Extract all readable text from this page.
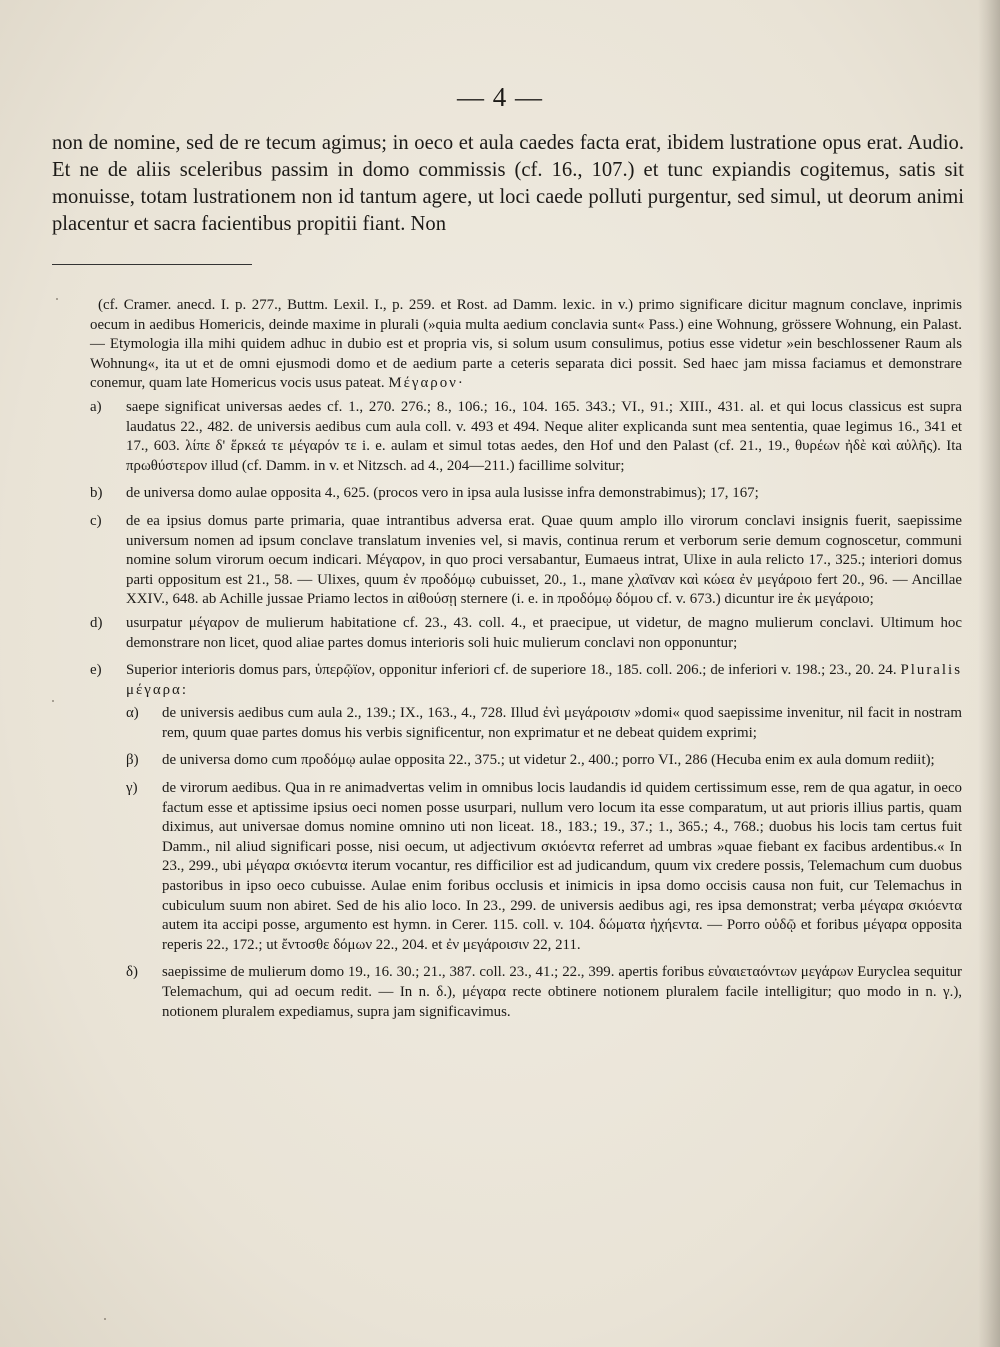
— 4 —

non de nomine, sed de re tecum agimus; in oeco et aula caedes facta erat, ibidem lustratione opus erat. Audio. Et ne de aliis sceleribus passim in domo commissis (cf. 16., 107.) et tunc expiandis cogitemus, satis sit monuisse, totam lustrationem non id tantum agere, ut loci caede polluti purgentur, sed simul, ut deorum animi placentur et sacra facientibus propitii fiant. Non

(cf. Cramer. anecd. I. p. 277., Buttm. Lexil. I., p. 259. et Rost. ad Damm. lexic. in v.) primo significare dicitur magnum conclave, inprimis oecum in aedibus Homericis, deinde maxime in plurali (»quia multa aedium conclavia sunt« Pass.) eine Wohnung, grössere Wohnung, ein Palast. — Etymologia illa mihi quidem adhuc in dubio est et propria vis, si solum usum consulimus, potius esse videtur »ein beschlossener Raum als Wohnung«, ita ut et de omni ejusmodi domo et de aedium parte a ceteris separata dici possit. Sed haec jam missa faciamus et demonstrare conemur, quam late Homericus vocis usus pateat. Μέγαρον·

a)	saepe significat universas aedes cf. 1., 270. 276.; 8., 106.; 16., 104. 165. 343.; VI., 91.; XIII., 431. al. et qui locus classicus est supra laudatus 22., 482. de universis aedibus cum aula coll. v. 493 et 494. Neque aliter explicanda sunt mea sententia, quae legimus 16., 341 et 17., 603. λίπε δ' ἕρκεά τε μέγαρόν τε i. e. aulam et simul totas aedes, den Hof und den Palast (cf. 21., 19., θυρέων ἠδὲ καὶ αὐλῆς). Ita πρωθύστερον illud (cf. Damm. in v. et Nitzsch. ad 4., 204—211.) facillime solvitur;
b)	de universa domo aulae opposita 4., 625. (procos vero in ipsa aula lusisse infra demonstrabimus); 17, 167;
c)	de ea ipsius domus parte primaria, quae intrantibus adversa erat. Quae quum amplo illo virorum conclavi insignis fuerit, saepissime universum nomen ad ipsum conclave translatum invenies vel, si mavis, continua rerum et verborum serie demum cognoscetur, communi nomine solum virorum oecum indicari. Μέγαρον, in quo proci versabantur, Eumaeus intrat, Ulixe in aula relicto 17., 325.; interiori domus parti oppositum est 21., 58. — Ulixes, quum ἐν προδόμῳ cubuisset, 20., 1., mane χλαῖναν καὶ κώεα ἐν μεγάροιο fert 20., 96. — Ancillae XXIV., 648. ab Achille jussae Priamo lectos in αἰθούσῃ sternere (i. e. in προδόμῳ δόμου cf. v. 673.) dicuntur ire ἐκ μεγάροιο;
d)	usurpatur μέγαρον de mulierum habitatione cf. 23., 43. coll. 4., et praecipue, ut videtur, de magno mulierum conclavi. Ultimum hoc demonstrare non licet, quod aliae partes domus interioris soli huic mulierum conclavi non opponuntur;
e)	Superior interioris domus pars, ὑπερῷϊον, opponitur inferiori cf. de superiore 18., 185. coll. 206.; de inferiori v. 198.; 23., 20. 24. Pluralis μέγαρα:
α)	de universis aedibus cum aula 2., 139.; IX., 163., 4., 728. Illud ἐνὶ μεγάροισιν »domi« quod saepissime invenitur, nil facit in nostram rem, quum quae partes domus his verbis significentur, non exprimatur et ne debeat quidem exprimi;
β)	de universa domo cum προδόμῳ aulae opposita 22., 375.; ut videtur 2., 400.; porro VI., 286 (Hecuba enim ex aula domum rediit);
γ)	de virorum aedibus. Qua in re animadvertas velim in omnibus locis laudandis id quidem certissimum esse, rem de qua agatur, in oeco factum esse et aptissime ipsius oeci nomen posse usurpari, nullum vero locum ita esse comparatum, ut aut prioris illius partis, quam diximus, aut universae domus nomine omnino uti non liceat. 18., 183.; 19., 37.; 1., 365.; 4., 768.; duobus his locis tam certus fuit Damm., nil aliud significari posse, nisi oecum, ut adjectivum σκιόεντα referret ad umbras »quae fiebant ex facibus ardentibus.« In 23., 299., ubi μέγαρα σκιόεντα iterum vocantur, res difficilior est ad judicandum, quum vix credere possis, Telemachum cum duobus pastoribus in ipso oeco cubuisse. Aulae enim foribus occlusis et inimicis in ipsa domo occisis causa non fuit, cur Telemachus in cubiculum suum non abiret. Sed de his alio loco. In 23., 299. de universis aedibus agi, res ipsa demonstrat; verba μέγαρα σκιόεντα autem ita accipi posse, argumento est hymn. in Cerer. 115. coll. v. 104. δώματα ἠχήεντα. — Porro οὐδῷ et foribus μέγαρα opposita reperis 22., 172.; ut ἔντοσθε δόμων 22., 204. et ἐν μεγάροισιν 22, 211.
δ)	saepissime de mulierum domo 19., 16. 30.; 21., 387. coll. 23., 41.; 22., 399. apertis foribus εὐναιεταόντων μεγάρων Euryclea sequitur Telemachum, qui ad oecum redit. — In n. δ.), μέγαρα recte obtinere notionem pluralem facile intelligitur; quo modo in n. γ.), notionem pluralem expediamus, supra jam significavimus.
